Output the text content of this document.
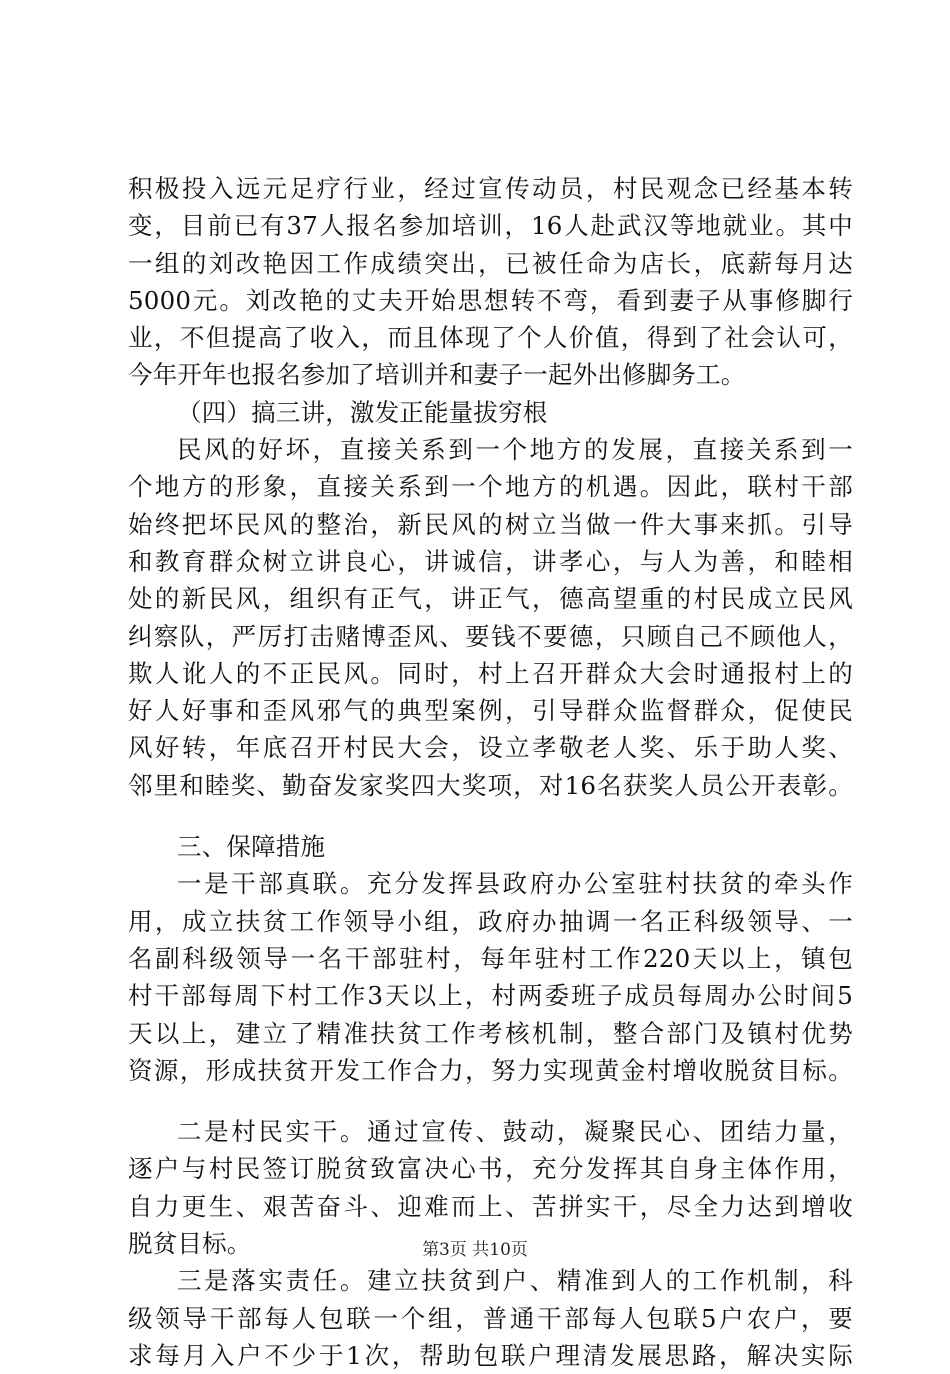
积极投入远元足疗行业，经过宣传动员，村民观念已经基本转
变，目前已有37人报名参加培训，16人赴武汉等地就业。其中
一组的刘改艳因工作成绩突出，已被任命为店长，底薪每月达
5000元。刘改艳的丈夫开始思想转不弯，看到妻子从事修脚行
业，不但提高了收入，而且体现了个人价值，得到了社会认可，
今年开年也报名参加了培训并和妻子一起外出修脚务工。
（四）搞三讲，激发正能量拔穷根
民风的好坏，直接关系到一个地方的发展，直接关系到一
个地方的形象，直接关系到一个地方的机遇。因此，联村干部
始终把坏民风的整治，新民风的树立当做一件大事来抓。引导
和教育群众树立讲良心，讲诚信，讲孝心，与人为善，和睦相
处的新民风，组织有正气，讲正气，德高望重的村民成立民风
纠察队，严厉打击赌博歪风、要钱不要德，只顾自己不顾他人，
欺人讹人的不正民风。同时，村上召开群众大会时通报村上的
好人好事和歪风邪气的典型案例，引导群众监督群众，促使民
风好转，年底召开村民大会，设立孝敬老人奖、乐于助人奖、
邻里和睦奖、勤奋发家奖四大奖项，对16名获奖人员公开表彰。
三、保障措施
一是干部真联。充分发挥县政府办公室驻村扶贫的牵头作
用，成立扶贫工作领导小组，政府办抽调一名正科级领导、一
名副科级领导一名干部驻村，每年驻村工作220天以上，镇包
村干部每周下村工作3天以上，村两委班子成员每周办公时间5
天以上，建立了精准扶贫工作考核机制，整合部门及镇村优势
资源，形成扶贫开发工作合力，努力实现黄金村增收脱贫目标。
二是村民实干。通过宣传、鼓动，凝聚民心、团结力量，
逐户与村民签订脱贫致富决心书，充分发挥其自身主体作用，
自力更生、艰苦奋斗、迎难而上、苦拼实干，尽全力达到增收
脱贫目标。
三是落实责任。建立扶贫到户、精准到人的工作机制，科
级领导干部每人包联一个组，普通干部每人包联5户农户，要
求每月入户不少于1次，帮助包联户理清发展思路，解决实际
第3页 共10页
